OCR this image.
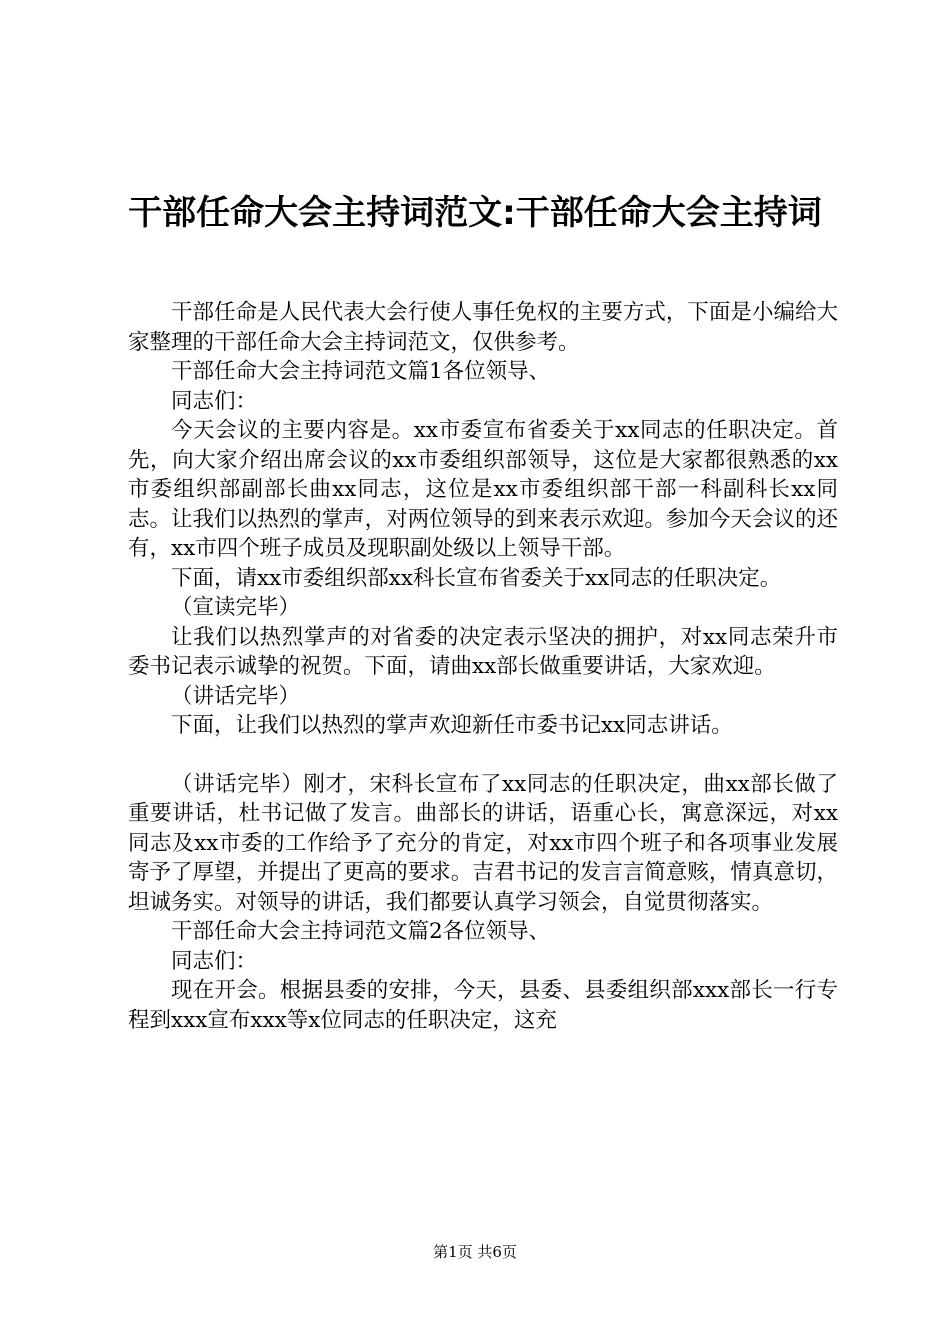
干部任命大会主持词范文:干部任命大会主持词

干部任命是人民代表大会行使人事任免权的主要方式，下面是小编给大家整理的干部任命大会主持词范文，仅供参考。

干部任命大会主持词范文篇1各位领导、

同志们：

今天会议的主要内容是。xx市委宣布省委关于xx同志的任职决定。首先，向大家介绍出席会议的xx市委组织部领导，这位是大家都很熟悉的xx市委组织部副部长曲xx同志，这位是xx市委组织部干部一科副科长xx同志。让我们以热烈的掌声，对两位领导的到来表示欢迎。参加今天会议的还有，xx市四个班子成员及现职副处级以上领导干部。

下面，请xx市委组织部xx科长宣布省委关于xx同志的任职决定。

（宣读完毕）

让我们以热烈掌声的对省委的决定表示坚决的拥护，对xx同志荣升市委书记表示诚挚的祝贺。下面，请曲xx部长做重要讲话，大家欢迎。

（讲话完毕）

下面，让我们以热烈的掌声欢迎新任市委书记xx同志讲话。

（讲话完毕）刚才，宋科长宣布了xx同志的任职决定，曲xx部长做了重要讲话，杜书记做了发言。曲部长的讲话，语重心长，寓意深远，对xx同志及xx市委的工作给予了充分的肯定，对xx市四个班子和各项事业发展寄予了厚望，并提出了更高的要求。吉君书记的发言言简意赅，情真意切，坦诚务实。对领导的讲话，我们都要认真学习领会，自觉贯彻落实。

干部任命大会主持词范文篇2各位领导、

同志们：

现在开会。根据县委的安排，今天，县委、县委组织部xxx部长一行专程到xxx宣布xxx等x位同志的任职决定，这充

第1页 共6页
